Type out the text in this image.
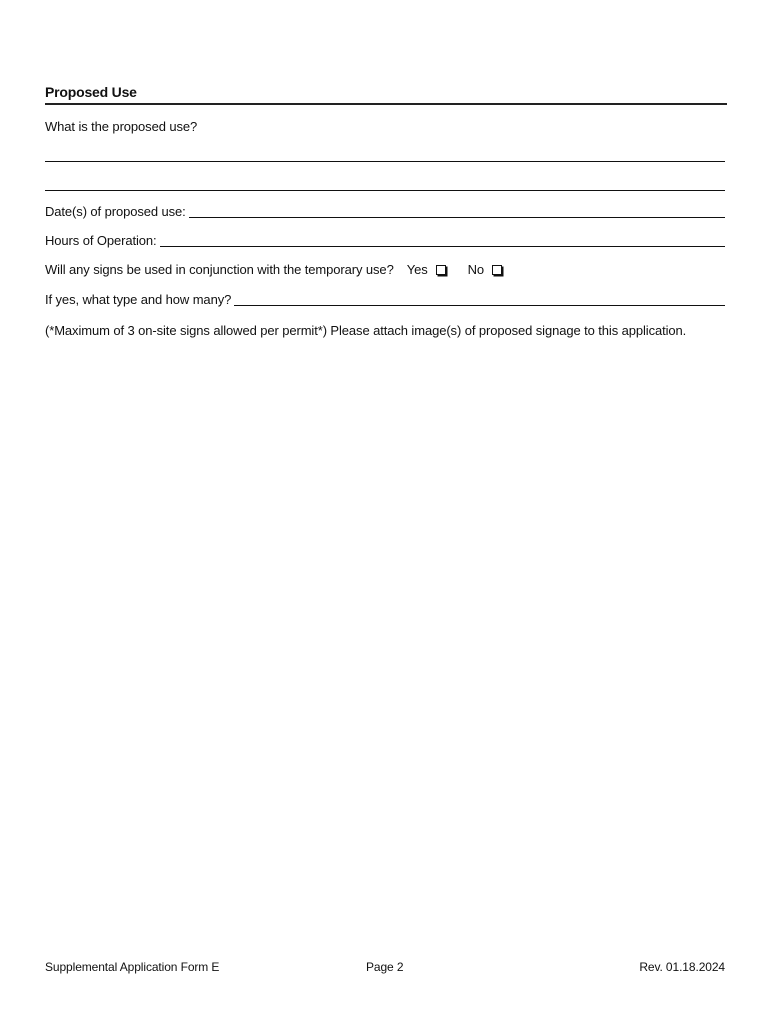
Proposed Use
What is the proposed use?
Date(s) of proposed use:
Hours of Operation:
Will any signs be used in conjunction with the temporary use? Yes	No
If yes, what type and how many?
(*Maximum of 3 on-site signs allowed per permit*) Please attach image(s) of proposed signage to this application.
Supplemental Application Form E	Page 2	Rev. 01.18.2024
